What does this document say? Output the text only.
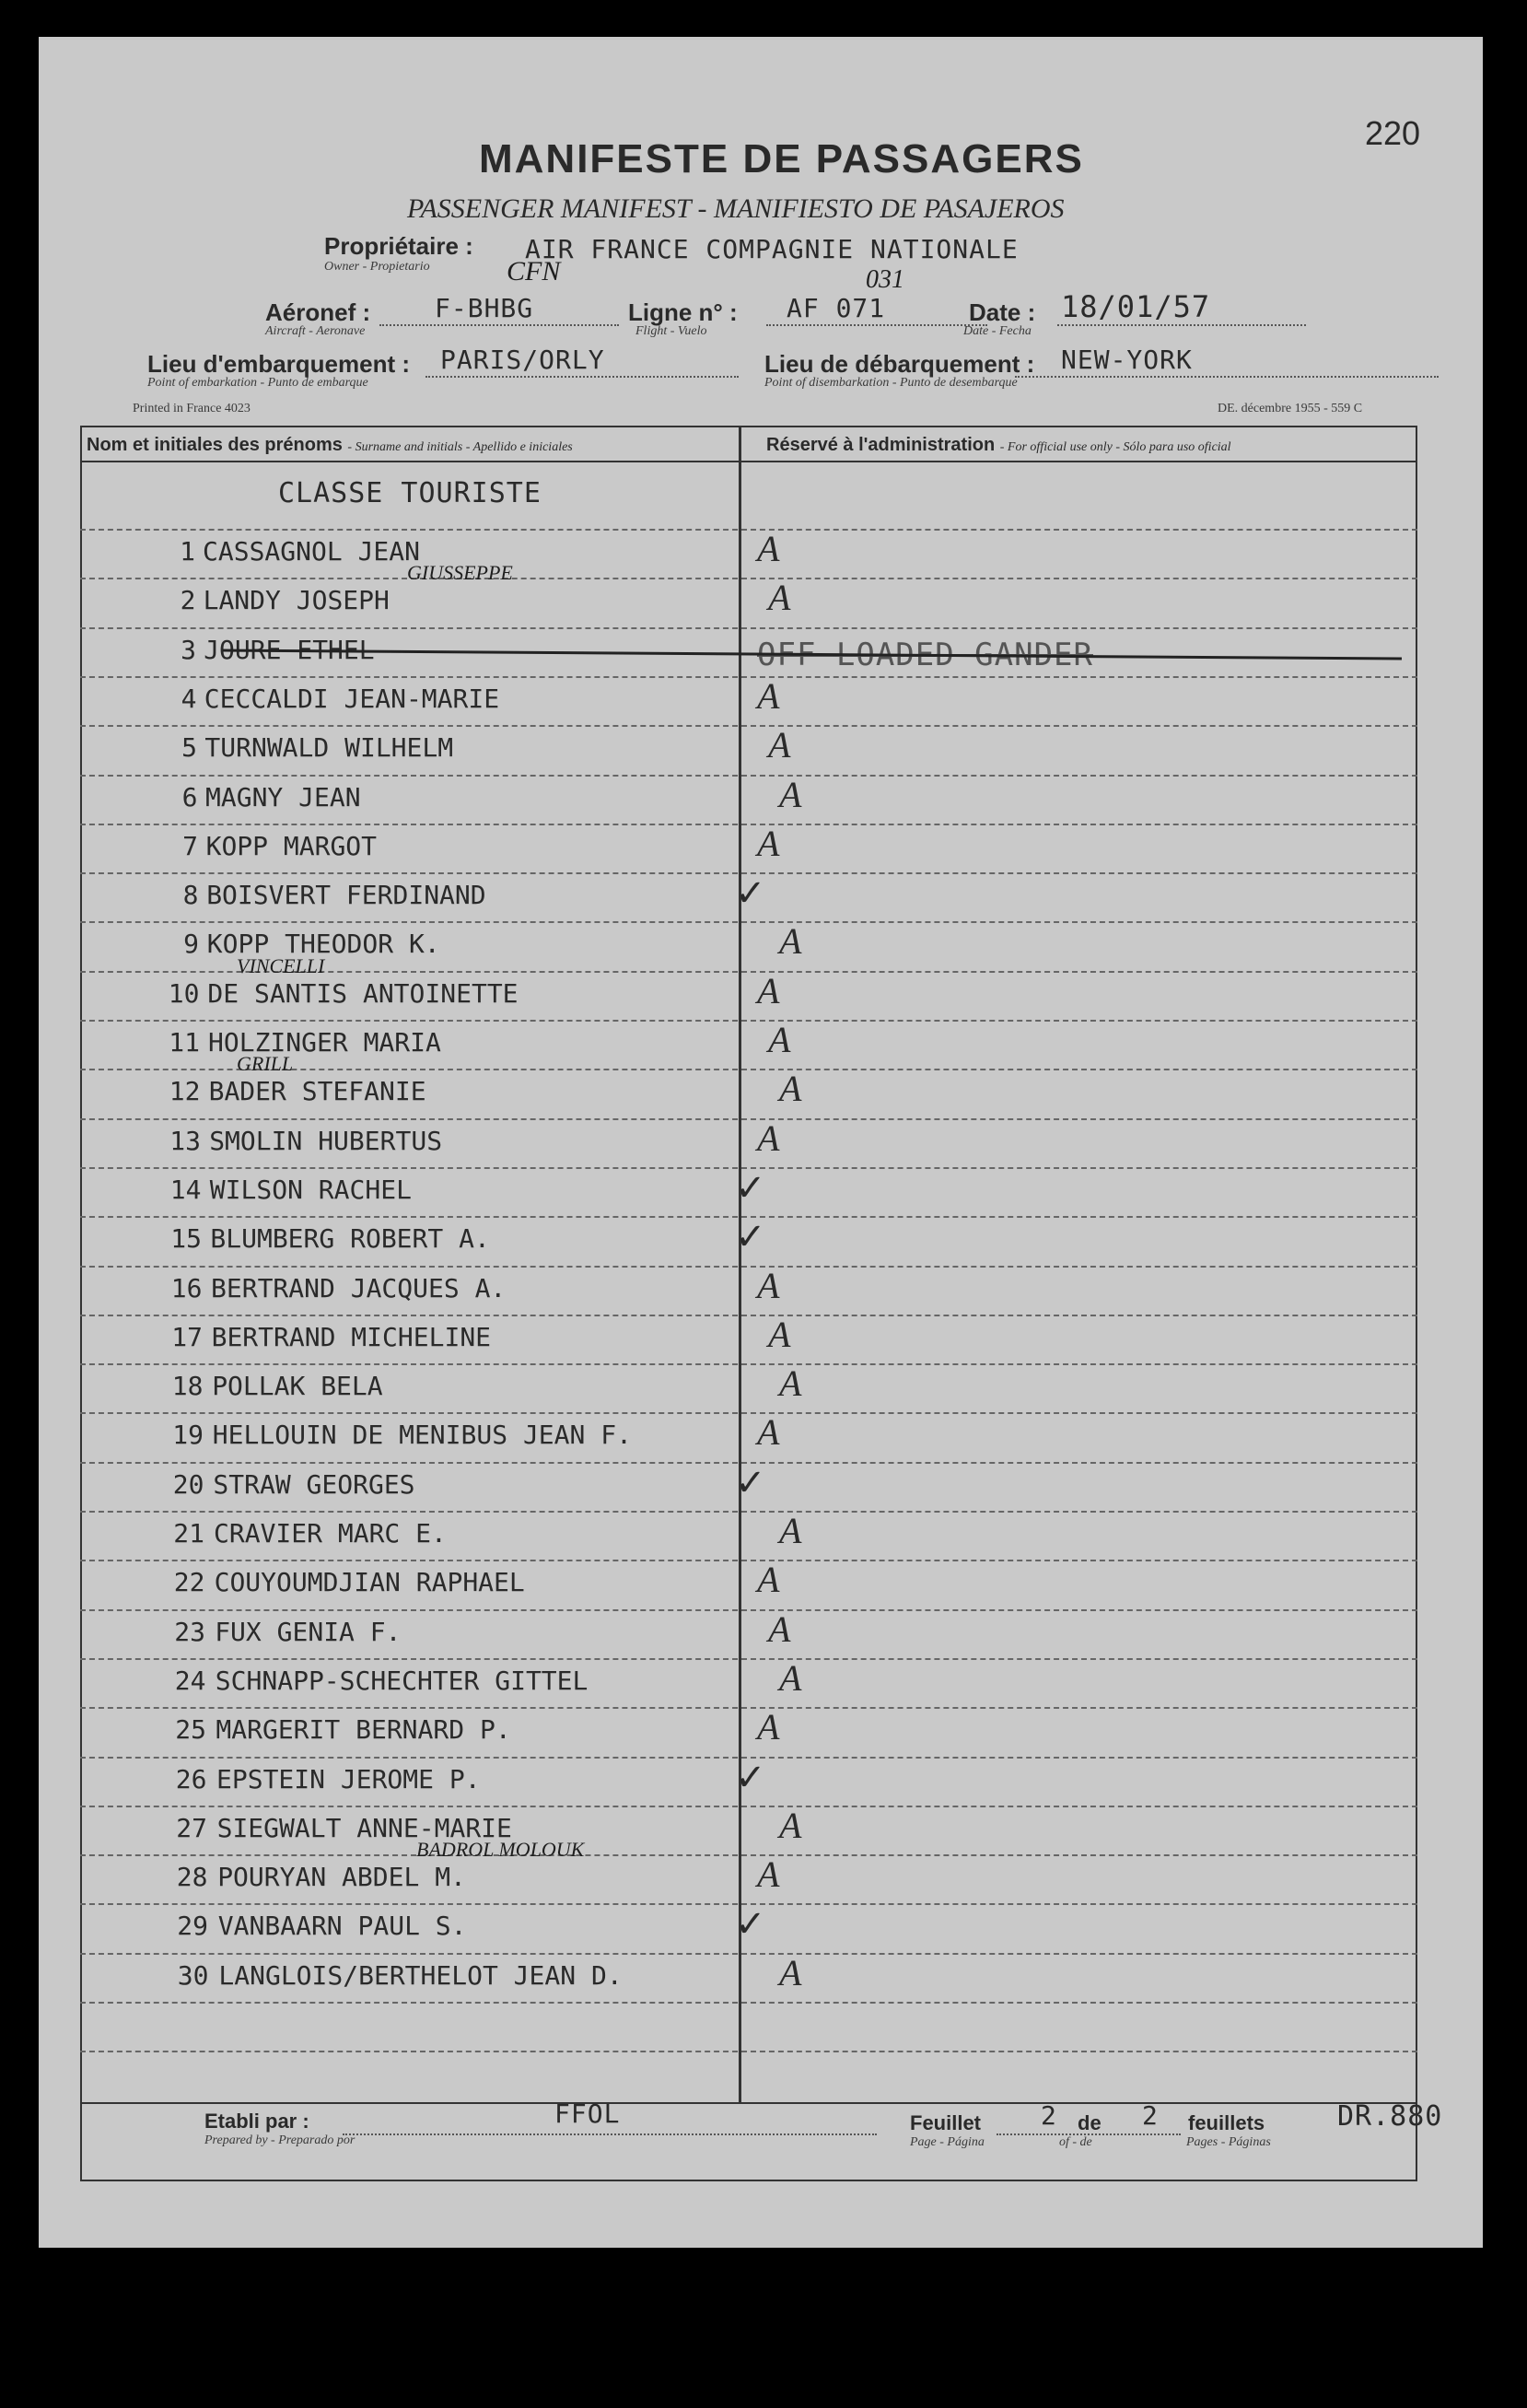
220
MANIFESTE DE PASSAGERS
PASSENGER MANIFEST - MANIFIESTO DE PASAJEROS
Propriétaire :
Owner - Propietario
AIR FRANCE COMPAGNIE NATIONALE
CFN
Aéronef :
Aircraft - Aeronave
F-BHBG	Ligne n° :
Flight - Vuelo
AF 071
031
Date :
Date - Fecha
18/01/57
Lieu d'embarquement :
Point of embarkation - Punto de embarque
PARIS/ORLY	Lieu de débarquement :
Point of disembarkation - Punto de desembarque
NEW-YORK
Printed in France 4023	DE. décembre 1955 - 559 C
Nom et initiales des prénoms - Surname and initials - Apellido e iniciales	Réservé à l'administration - For official use only - Sólo para uso oficial
CLASSE TOURISTE
1 CASSAGNOL JEAN	A
2 LANDY JOSEPH	A
GIUSSEPPE
3 JOURE ETHEL	OFF LOADED GANDER
4 CECCALDI JEAN-MARIE	A
5 TURNWALD WILHELM	A
6 MAGNY JEAN	A
7 KOPP MARGOT	A
8 BOISVERT FERDINAND	✓
9 KOPP THEODOR K.	A
10 DE SANTIS ANTOINETTE	A
VINCELLI
11 HOLZINGER MARIA	A
12 BADER STEFANIE	A
GRILL
13 SMOLIN HUBERTUS	A
14 WILSON RACHEL	✓
15 BLUMBERG ROBERT A.	✓
16 BERTRAND JACQUES A.	A
17 BERTRAND MICHELINE	A
18 POLLAK BELA	A
19 HELLOUIN DE MENIBUS JEAN F.	A
20 STRAW GEORGES	✓
21 CRAVIER MARC E.	A
22 COUYOUMDJIAN RAPHAEL	A
23 FUX GENIA F.	A
24 SCHNAPP-SCHECHTER GITTEL	A
25 MARGERIT BERNARD P.	A
26 EPSTEIN JEROME P.	✓
27 SIEGWALT ANNE-MARIE	A
28 POURYAN ABDEL M.	A
BADROL MOLOUK
29 VANBAARN PAUL S.	✓
30 LANGLOIS/BERTHELOT JEAN D.	A
Etabli par :
Prepared by - Preparado por
FFOL	Feuillet 2 de 2 feuillets
Page - Página	of - de	Pages - Páginas
DR.880
